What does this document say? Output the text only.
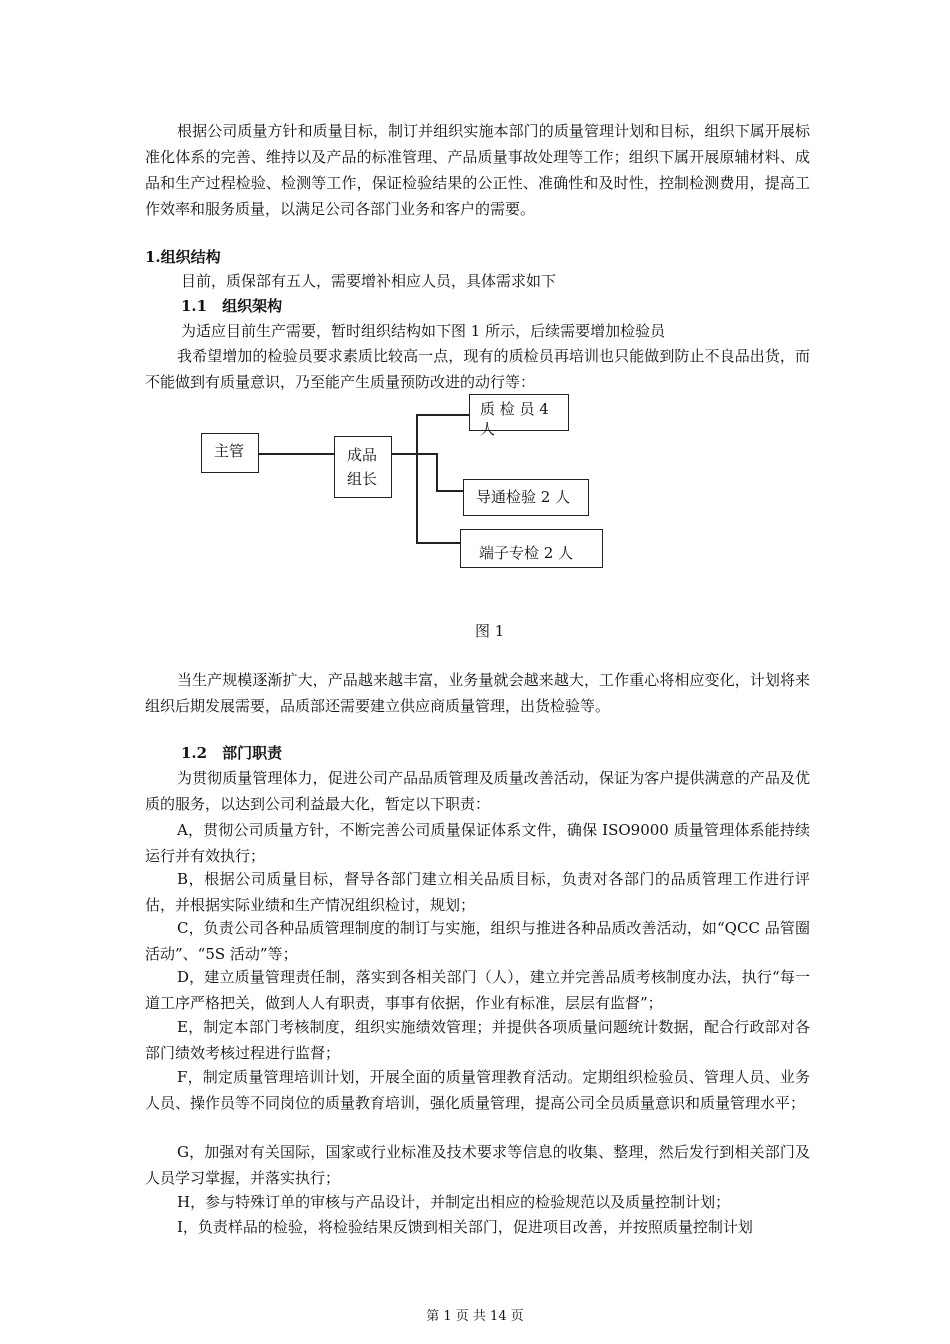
根据公司质量方针和质量目标，制订并组织实施本部门的质量管理计划和目标，组织下属开展标准化体系的完善、维持以及产品的标准管理、产品质量事故处理等工作；组织下属开展原辅材料、成品和生产过程检验、检测等工作，保证检验结果的公正性、准确性和及时性，控制检测费用，提高工作效率和服务质量，以满足公司各部门业务和客户的需要。

1.组织结构

目前，质保部有五人，需要增补相应人员，具体需求如下

1.1　组织架构

为适应目前生产需要，暂时组织结构如下图 1 所示，后续需要增加检验员

我希望增加的检验员要求素质比较高一点，现有的质检员再培训也只能做到防止不良品出货，而不能做到有质量意识，乃至能产生质量预防改进的动行等：

主管	成品组长
质 检 员 4 人
导通检验 2 人
端子专检 2 人

图 1

当生产规模逐渐扩大，产品越来越丰富，业务量就会越来越大，工作重心将相应变化，计划将来组织后期发展需要，品质部还需要建立供应商质量管理，出货检验等。

1.2　部门职责

为贯彻质量管理体力，促进公司产品品质管理及质量改善活动，保证为客户提供满意的产品及优质的服务，以达到公司利益最大化，暂定以下职责：

A，贯彻公司质量方针，不断完善公司质量保证体系文件，确保 ISO9000 质量管理体系能持续运行并有效执行；

B，根据公司质量目标，督导各部门建立相关品质目标，负责对各部门的品质管理工作进行评估，并根据实际业绩和生产情况组织检讨，规划；

C，负责公司各种品质管理制度的制订与实施，组织与推进各种品质改善活动，如“QCC 品管圈活动”、“5S 活动”等；

D，建立质量管理责任制，落实到各相关部门（人），建立并完善品质考核制度办法，执行“每一道工序严格把关，做到人人有职责，事事有依据，作业有标准，层层有监督”；

E，制定本部门考核制度，组织实施绩效管理；并提供各项质量问题统计数据，配合行政部对各部门绩效考核过程进行监督；

F，制定质量管理培训计划，开展全面的质量管理教育活动。定期组织检验员、管理人员、业务人员、操作员等不同岗位的质量教育培训，强化质量管理，提高公司全员质量意识和质量管理水平；

G，加强对有关国际，国家或行业标准及技术要求等信息的收集、整理，然后发行到相关部门及人员学习掌握，并落实执行；

H，参与特殊订单的审核与产品设计，并制定出相应的检验规范以及质量控制计划；

I，负责样品的检验，将检验结果反馈到相关部门，促进项目改善，并按照质量控制计划

第 1 页 共 14 页
